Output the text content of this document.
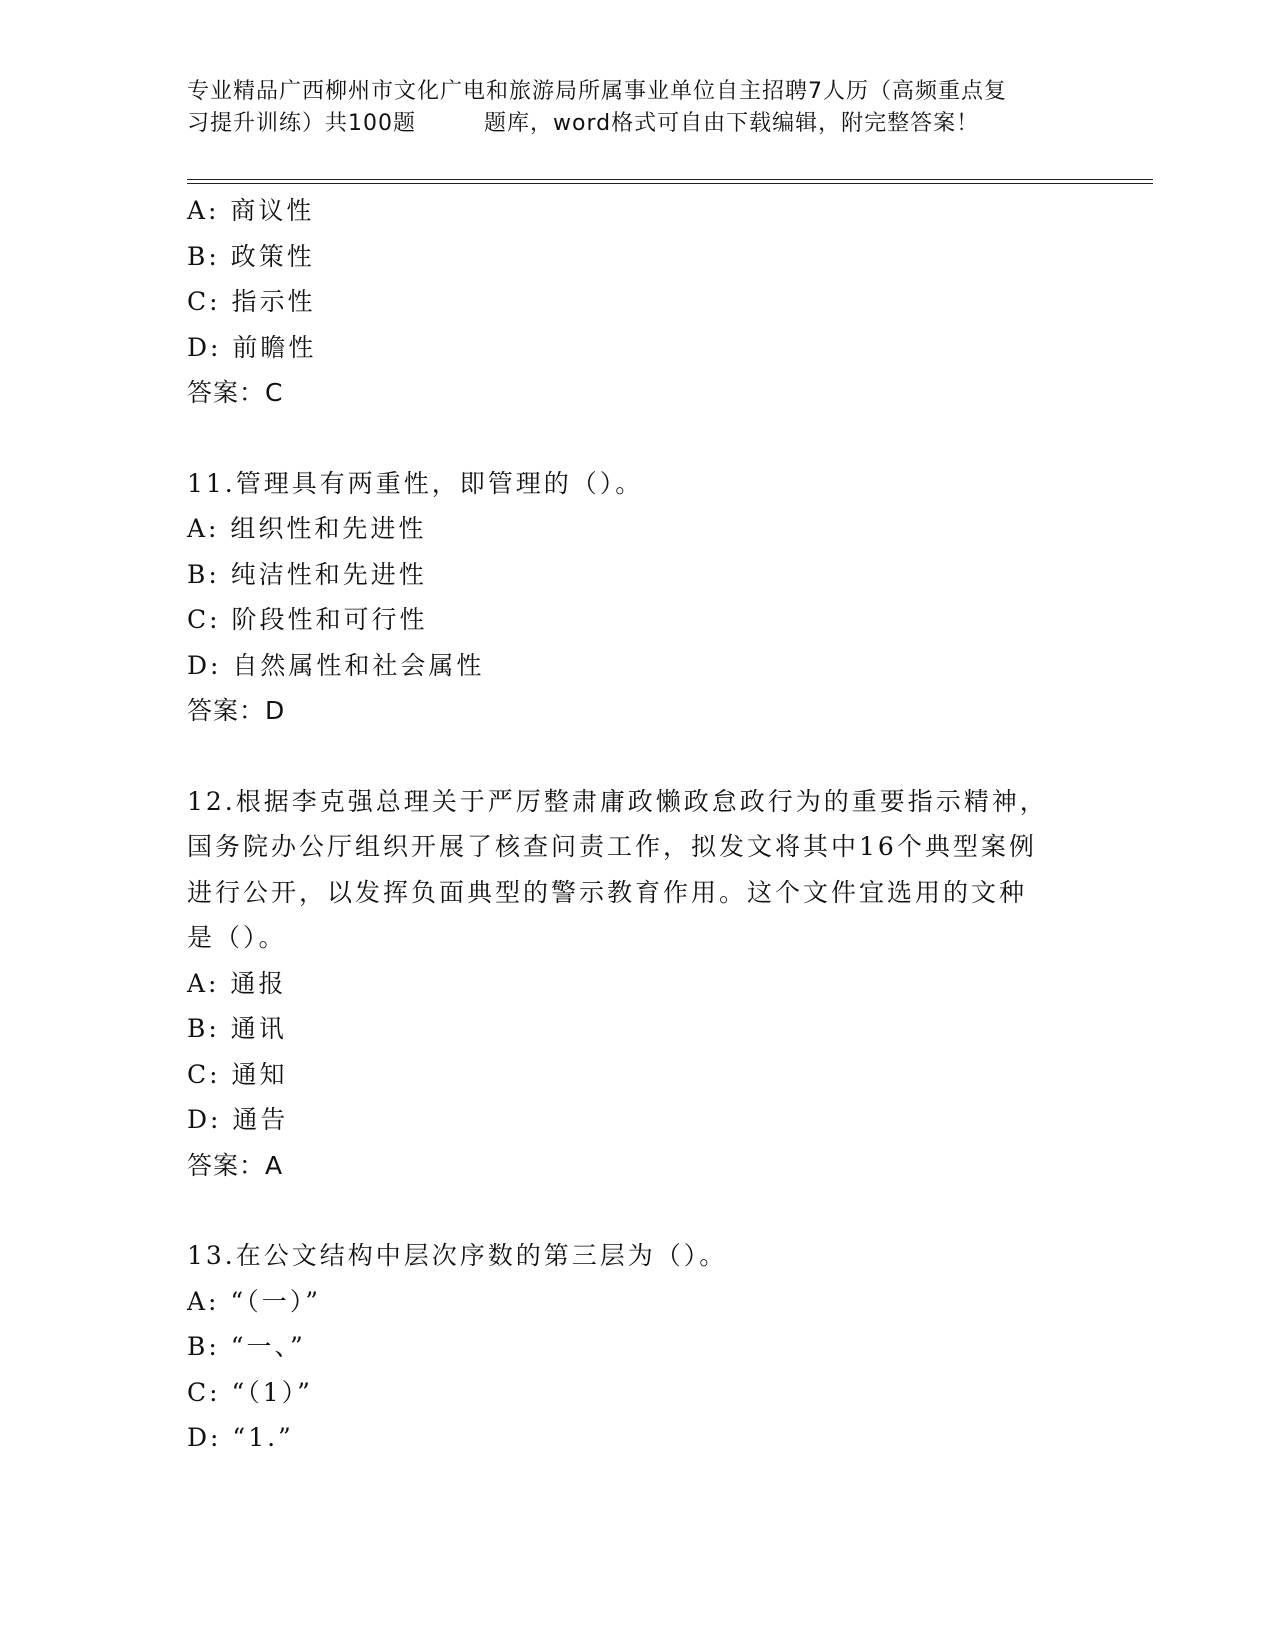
专业精品广西柳州市文化广电和旅游局所属事业单位自主招聘7人历（高频重点复
习提升训练）共100题	题库，word格式可自由下载编辑，附完整答案！
A: 商议性
B: 政策性
C: 指示性
D: 前瞻性
答案：C
11.管理具有两重性，即管理的（）。
A: 组织性和先进性
B: 纯洁性和先进性
C: 阶段性和可行性
D: 自然属性和社会属性
答案：D
12.根据李克强总理关于严厉整肃庸政懒政怠政行为的重要指示精神，
国务院办公厅组织开展了核查问责工作，拟发文将其中16个典型案例
进行公开，以发挥负面典型的警示教育作用。这个文件宜选用的文种
是（）。
A: 通报
B: 通讯
C: 通知
D: 通告
答案：A
13.在公文结构中层次序数的第三层为（）。
A: “（一）”
B: “一、”
C: “（1）”
D: “1.”
